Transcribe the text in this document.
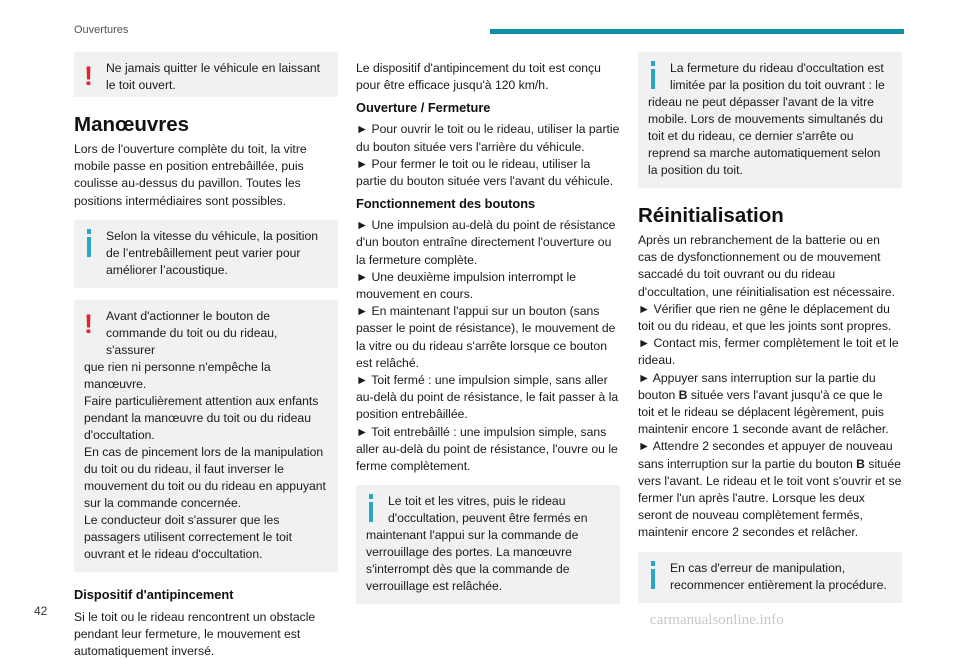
Ouvertures
!	Ne jamais quitter le véhicule en laissant le toit ouvert.

Manœuvres

Lors de l'ouverture complète du toit, la vitre mobile passe en position entrebâillée, puis coulisse au-dessus du pavillon. Toutes les positions intermédiaires sont possibles.

Selon la vitesse du véhicule, la position de l’entrebâillement peut varier pour améliorer l’acoustique.

!	Avant d'actionner le bouton de commande du toit ou du rideau, s'assurer

que rien ni personne n'empêche la manœuvre.
Faire particulièrement attention aux enfants pendant la manœuvre du toit ou du rideau d'occultation.
En cas de pincement lors de la manipulation du toit ou du rideau, il faut inverser le mouvement du toit ou du rideau en appuyant sur la commande concernée.
Le conducteur doit s'assurer que les passagers utilisent correctement le toit ouvrant et le rideau d'occultation.

Dispositif d'antipincement

Si le toit ou le rideau rencontrent un obstacle pendant leur fermeture, le mouvement est automatiquement inversé.

Le dispositif d'antipincement du toit est conçu pour être efficace jusqu'à 120 km/h.

Ouverture / Fermeture

► Pour ouvrir le toit ou le rideau, utiliser la partie du bouton située vers l'arrière du véhicule.
► Pour fermer le toit ou le rideau, utiliser la partie du bouton située vers l'avant du véhicule.

Fonctionnement des boutons

► Une impulsion au-delà du point de résistance d'un bouton entraîne directement l'ouverture ou la fermeture complète.
► Une deuxième impulsion interrompt le mouvement en cours.
► En maintenant l'appui sur un bouton (sans passer le point de résistance), le mouvement de la vitre ou du rideau s'arrête lorsque ce bouton est relâché.
► Toit fermé : une impulsion simple, sans aller au-delà du point de résistance, le fait passer à la position entrebâillée.
► Toit entrebâillé : une impulsion simple, sans aller au-delà du point de résistance, l'ouvre ou le ferme complètement.

Le toit et les vitres, puis le rideau d'occultation, peuvent être fermés en

maintenant l'appui sur la commande de verrouillage des portes. La manœuvre s'interrompt dès que la commande de verrouillage est relâchée.

La fermeture du rideau d'occultation est limitée par la position du toit ouvrant : le

rideau ne peut dépasser l'avant de la vitre mobile. Lors de mouvements simultanés du toit et du rideau, ce dernier s'arrête ou reprend sa marche automatiquement selon la position du toit.

Réinitialisation

Après un rebranchement de la batterie ou en cas de dysfonctionnement ou de mouvement saccadé du toit ouvrant ou du rideau d'occultation, une réinitialisation est nécessaire.
► Vérifier que rien ne gêne le déplacement du toit ou du rideau, et que les joints sont propres.
► Contact mis, fermer complètement le toit et le rideau.
► Appuyer sans interruption sur la partie du bouton B située vers l'avant jusqu'à ce que le toit et le rideau se déplacent légèrement, puis maintenir encore 1 seconde avant de relâcher.
► Attendre 2 secondes et appuyer de nouveau sans interruption sur la partie du bouton B située vers l'avant. Le rideau et le toit vont s'ouvrir et se fermer l'un après l'autre. Lorsque les deux seront de nouveau complètement fermés, maintenir encore 2 secondes et relâcher.

En cas d'erreur de manipulation, recommencer entièrement la procédure.

42
carmanualsonline.info
